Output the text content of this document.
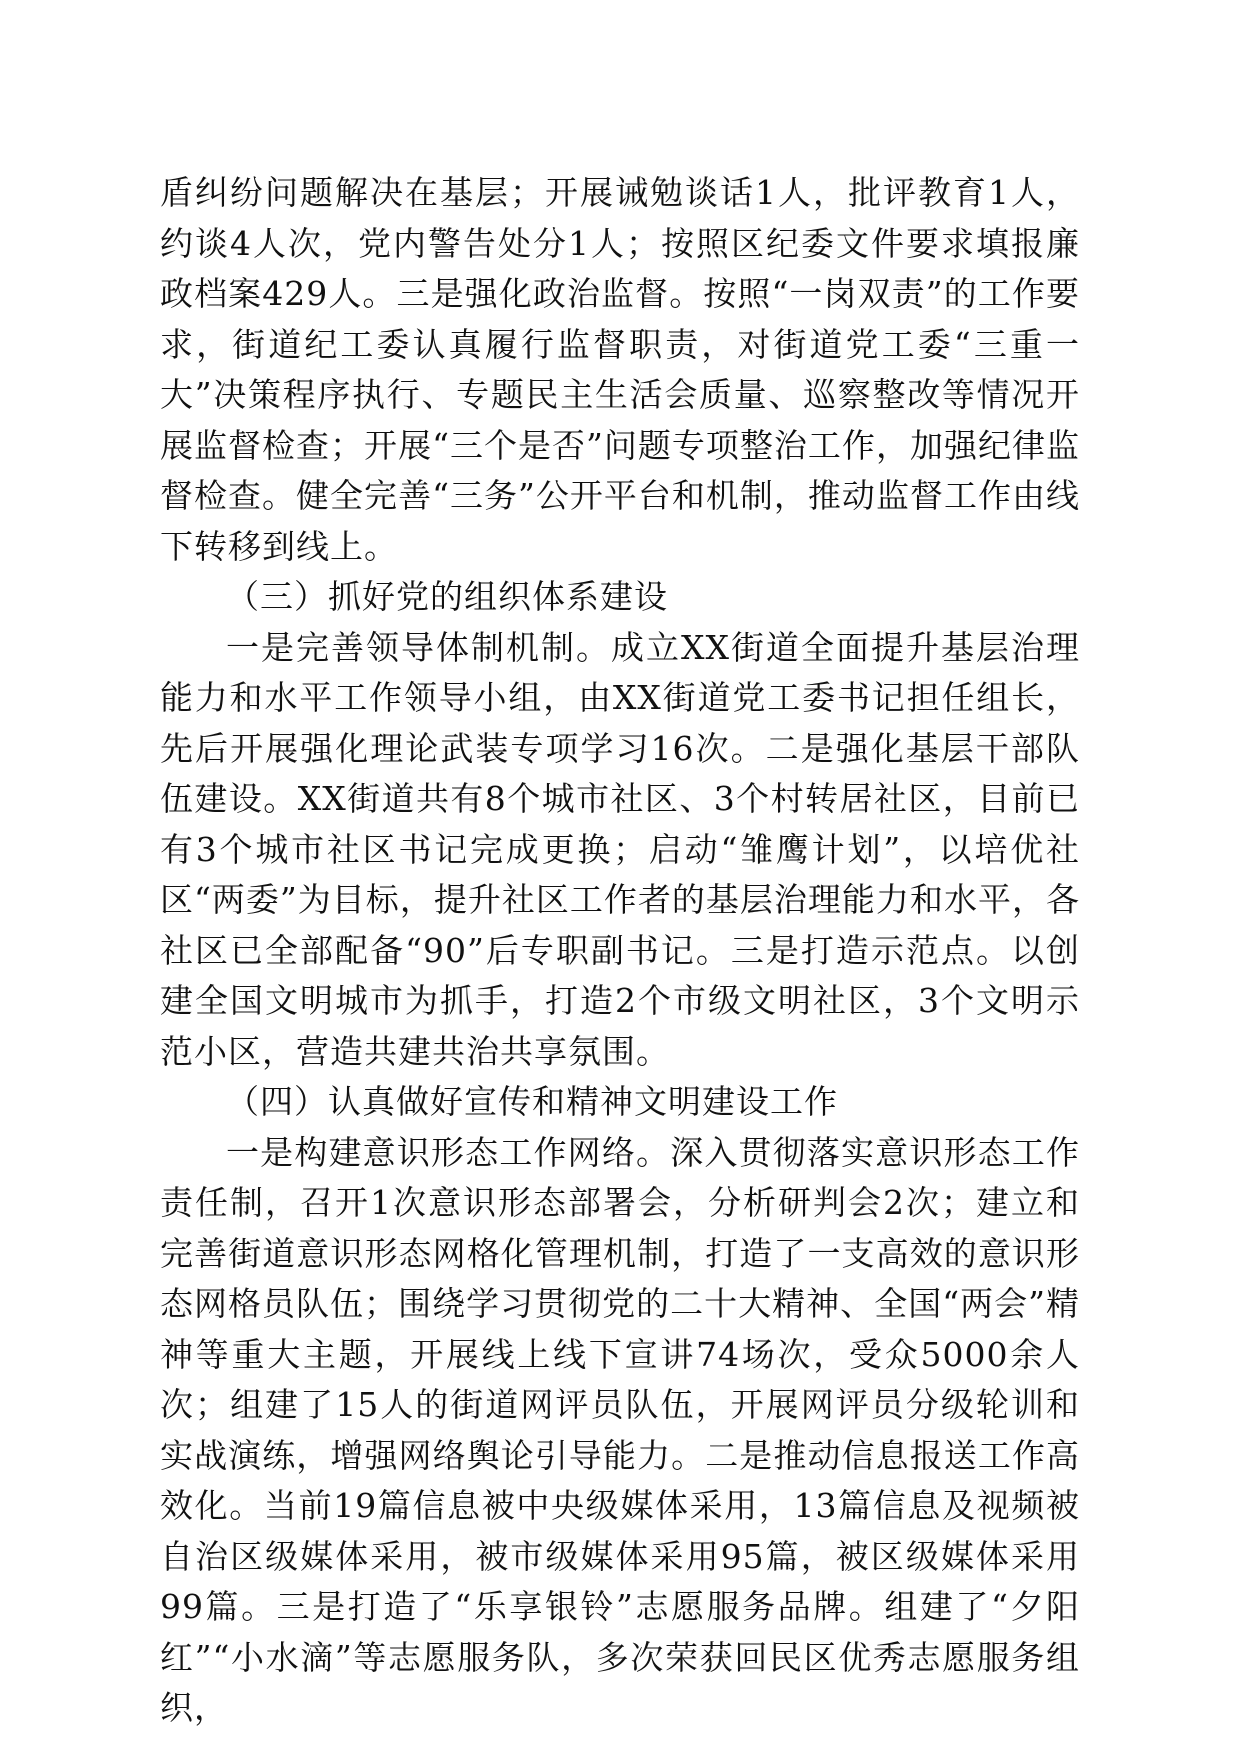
盾纠纷问题解决在基层；开展诫勉谈话1人，批评教育1人，约谈4人次，党内警告处分1人；按照区纪委文件要求填报廉政档案429人。三是强化政治监督。按照“一岗双责”的工作要求，街道纪工委认真履行监督职责，对街道党工委“三重一大”决策程序执行、专题民主生活会质量、巡察整改等情况开展监督检查；开展“三个是否”问题专项整治工作，加强纪律监督检查。健全完善“三务”公开平台和机制，推动监督工作由线下转移到线上。

（三）抓好党的组织体系建设

一是完善领导体制机制。成立XX街道全面提升基层治理能力和水平工作领导小组，由XX街道党工委书记担任组长，先后开展强化理论武装专项学习16次。二是强化基层干部队伍建设。XX街道共有8个城市社区、3个村转居社区，目前已有3个城市社区书记完成更换；启动“雏鹰计划”，以培优社区“两委”为目标，提升社区工作者的基层治理能力和水平，各社区已全部配备“90”后专职副书记。三是打造示范点。以创建全国文明城市为抓手，打造2个市级文明社区，3个文明示范小区，营造共建共治共享氛围。

（四）认真做好宣传和精神文明建设工作

一是构建意识形态工作网络。深入贯彻落实意识形态工作责任制，召开1次意识形态部署会，分析研判会2次；建立和完善街道意识形态网格化管理机制，打造了一支高效的意识形态网格员队伍；围绕学习贯彻党的二十大精神、全国“两会”精神等重大主题，开展线上线下宣讲74场次，受众5000余人次；组建了15人的街道网评员队伍，开展网评员分级轮训和实战演练，增强网络舆论引导能力。二是推动信息报送工作高效化。当前19篇信息被中央级媒体采用，13篇信息及视频被自治区级媒体采用，被市级媒体采用95篇，被区级媒体采用99篇。三是打造了“乐享银铃”志愿服务品牌。组建了“夕阳红”“小水滴”等志愿服务队，多次荣获回民区优秀志愿服务组织，
